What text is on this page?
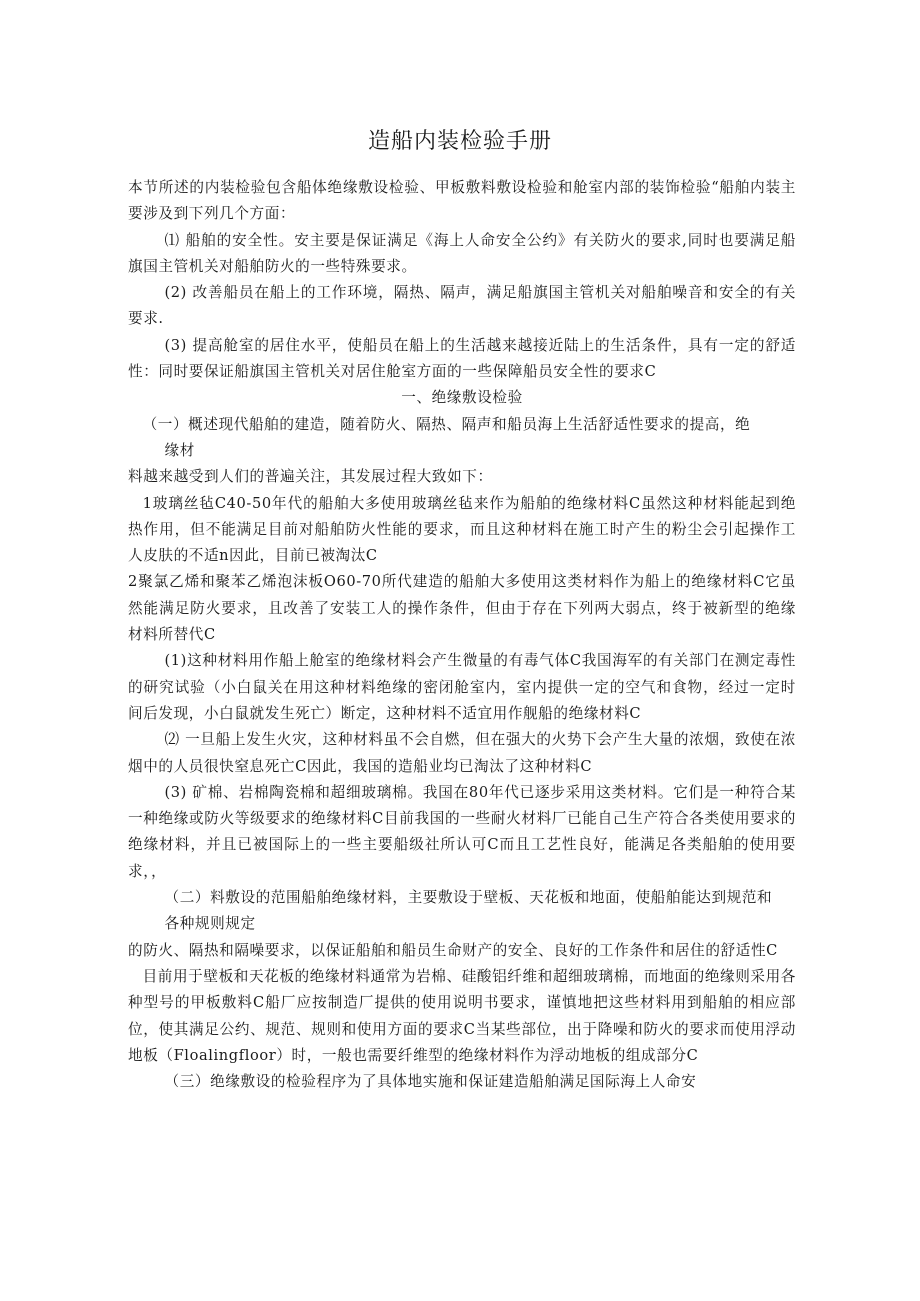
造船内装检验手册

本节所述的内装检验包含船体绝缘敷设检验、甲板敷料敷设检验和舱室内部的装饰检验“船舶内装主要涉及到下列几个方面：

⑴ 船舶的安全性。安主要是保证满足《海上人命安全公约》有关防火的要求,同时也要满足船旗国主管机关对船舶防火的一些特殊要求。

(2) 改善船员在船上的工作环境，隔热、隔声，满足船旗国主管机关对船舶噪音和安全的有关要求.

(3) 提高舱室的居住水平，使船员在船上的生活越来越接近陆上的生活条件，具有一定的舒适性：同时要保证船旗国主管机关对居住舱室方面的一些保障船员安全性的要求C

一、绝缘敷设检验

（一）概述现代船舶的建造，随着防火、隔热、隔声和船员海上生活舒适性要求的提高，绝

缘材

料越来越受到人们的普遍关注，其发展过程大致如下：

1玻璃丝毡C40-50年代的船舶大多使用玻璃丝毡来作为船舶的绝缘材料C虽然这种材料能起到绝热作用，但不能满足目前对船舶防火性能的要求，而且这种材料在施工时产生的粉尘会引起操作工人皮肤的不适n因此，目前已被淘汰C

2聚氯乙烯和聚苯乙烯泡沫板O60-70所代建造的船舶大多使用这类材料作为船上的绝缘材料C它虽然能满足防火要求，且改善了安装工人的操作条件，但由于存在下列两大弱点，终于被新型的绝缘材料所替代C

(1)这种材料用作船上舱室的绝缘材料会产生微量的有毒气体C我国海军的有关部门在测定毒性的研究试验（小白鼠关在用这种材料绝缘的密闭舱室内，室内提供一定的空气和食物，经过一定时间后发现，小白鼠就发生死亡）断定，这种材料不适宜用作舰船的绝缘材料C

⑵ 一旦船上发生火灾，这种材料虽不会自燃，但在强大的火势下会产生大量的浓烟，致使在浓烟中的人员很快窒息死亡C因此，我国的造船业均已淘汰了这种材料C

(3) 矿棉、岩棉陶瓷棉和超细玻璃棉。我国在80年代已逐步采用这类材料。它们是一种符合某一种绝缘或防火等级要求的绝缘材料C目前我国的一些耐火材料厂已能自己生产符合各类使用要求的绝缘材料，并且已被国际上的一些主要船级社所认可C而且工艺性良好，能满足各类船舶的使用要求，，

（二）料敷设的范围船舶绝缘材料，主要敷设于壁板、天花板和地面，使船舶能达到规范和

各种规则规定

的防火、隔热和隔噪要求，以保证船舶和船员生命财产的安全、良好的工作条件和居住的舒适性C

目前用于壁板和天花板的绝缘材料通常为岩棉、硅酸铝纤维和超细玻璃棉，而地面的绝缘则采用各种型号的甲板敷料C船厂应按制造厂提供的使用说明书要求，谨慎地把这些材料用到船舶的相应部位，使其满足公约、规范、规则和使用方面的要求C当某些部位，出于降噪和防火的要求而使用浮动地板（Floalingfloor）时，一般也需要纤维型的绝缘材料作为浮动地板的组成部分C

（三）绝缘敷设的检验程序为了具体地实施和保证建造船舶满足国际海上人命安
